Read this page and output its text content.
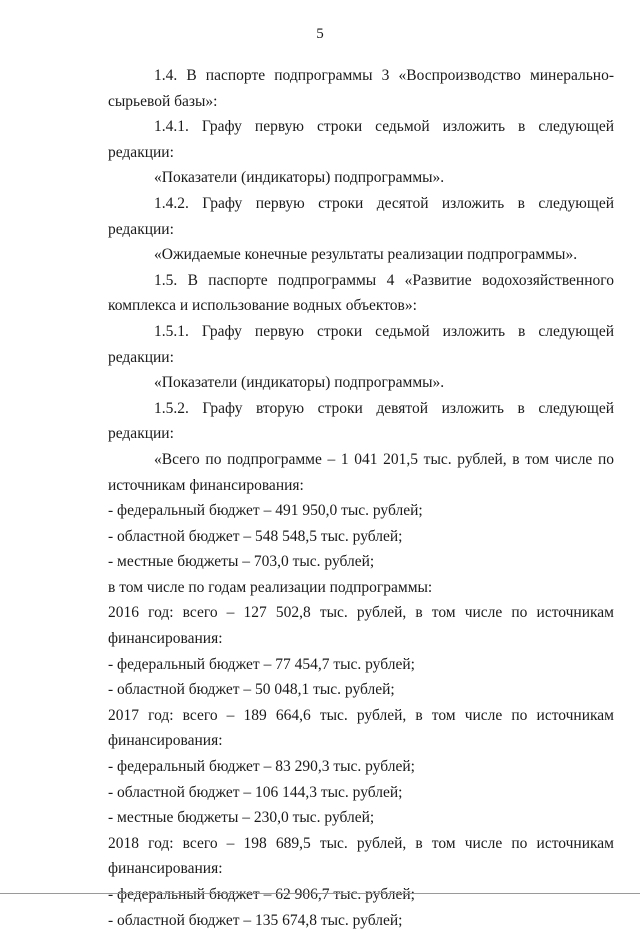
5

1.4. В паспорте подпрограммы 3 «Воспроизводство минерально-сырьевой базы»:

1.4.1. Графу первую строки седьмой изложить в следующей редакции:

«Показатели (индикаторы) подпрограммы».

1.4.2. Графу первую строки десятой изложить в следующей редакции:

«Ожидаемые конечные результаты реализации подпрограммы».

1.5. В паспорте подпрограммы 4 «Развитие водохозяйственного комплекса и использование водных объектов»:

1.5.1. Графу первую строки седьмой изложить в следующей редакции:

«Показатели (индикаторы) подпрограммы».

1.5.2. Графу вторую строки девятой изложить в следующей редакции:

«Всего по подпрограмме – 1 041 201,5 тыс. рублей, в том числе по источникам финансирования:

- федеральный бюджет – 491 950,0 тыс. рублей;

- областной бюджет – 548 548,5 тыс. рублей;

- местные бюджеты – 703,0 тыс. рублей;

в том числе по годам реализации подпрограммы:

2016 год: всего – 127 502,8 тыс. рублей, в том числе по источникам финансирования:

- федеральный бюджет – 77 454,7 тыс. рублей;

- областной бюджет – 50 048,1 тыс. рублей;

2017 год: всего – 189 664,6 тыс. рублей, в том числе по источникам финансирования:

- федеральный бюджет – 83 290,3 тыс. рублей;

- областной бюджет – 106 144,3 тыс. рублей;

- местные бюджеты – 230,0 тыс. рублей;

2018 год: всего – 198 689,5 тыс. рублей, в том числе по источникам финансирования:

- федеральный бюджет – 62 906,7 тыс. рублей;

- областной бюджет – 135 674,8 тыс. рублей;
